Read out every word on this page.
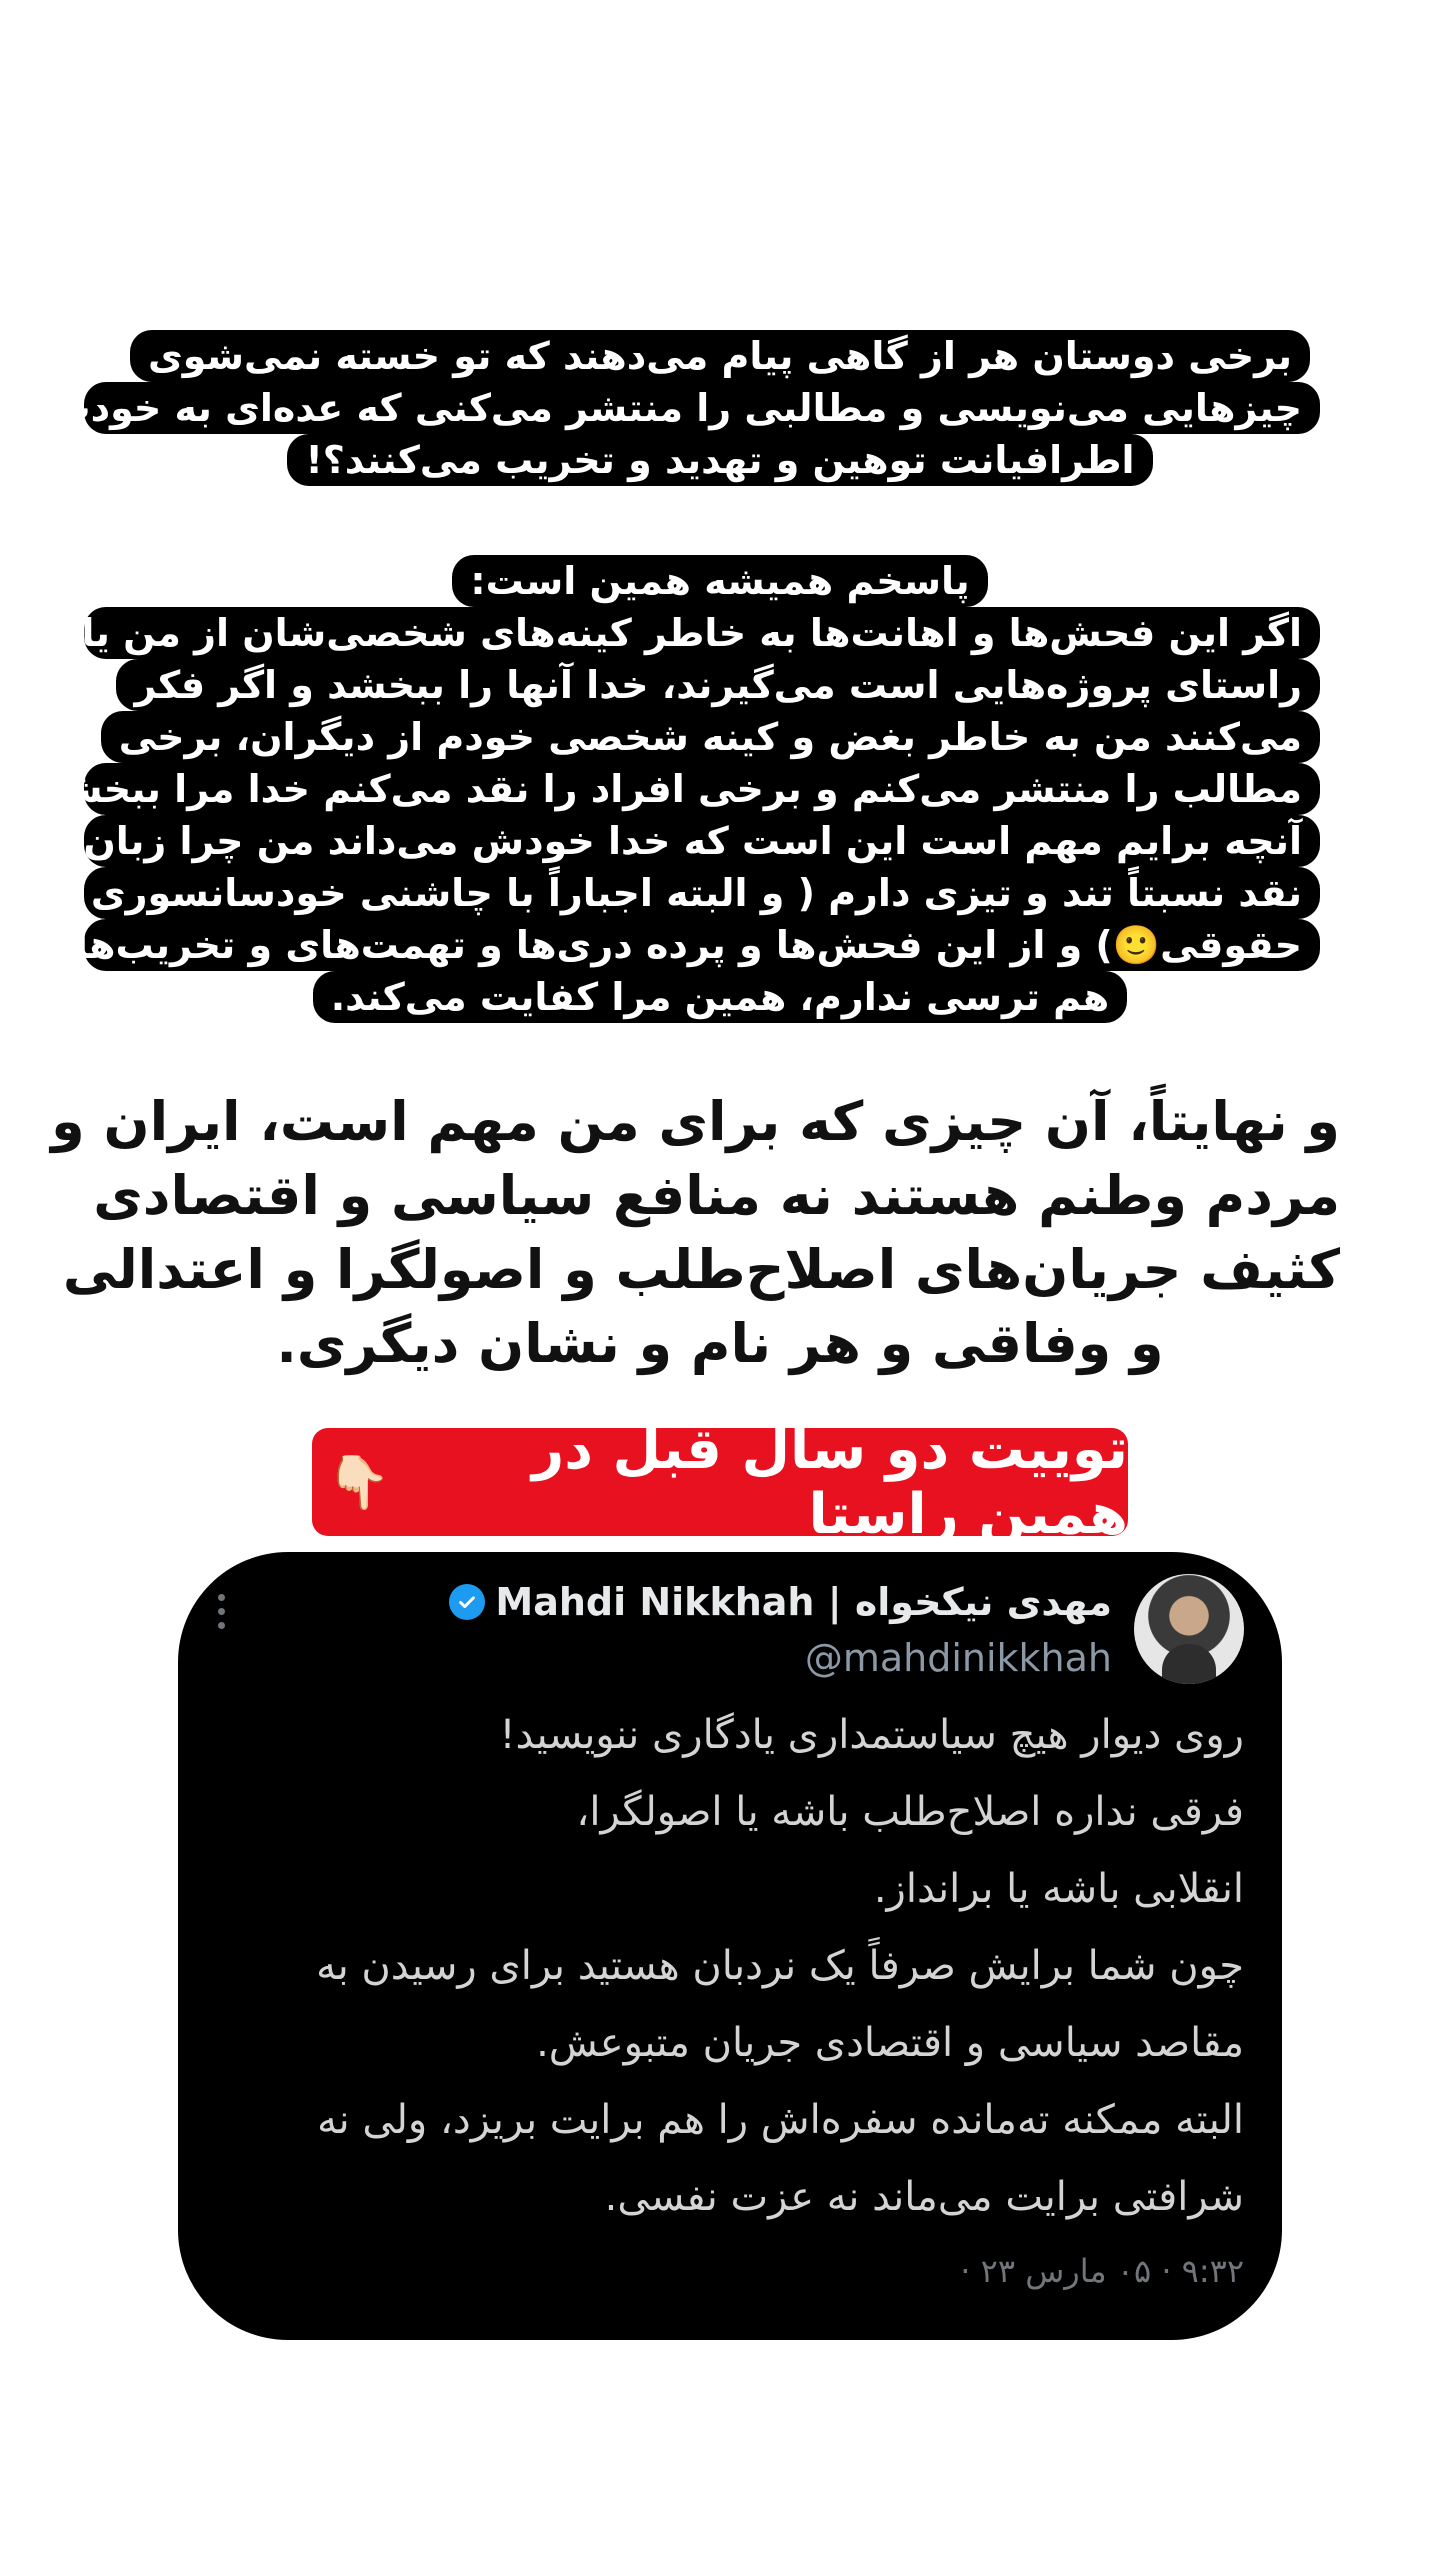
برخی دوستان هر از گاهی پیام می‌دهند که تو خسته نمی‌شوی
چیزهایی می‌نویسی و مطالبی را منتشر می‌کنی که عده‌ای به خودت و
اطرافیانت توهین و تهدید و تخریب می‌کنند؟!
پاسخم همیشه همین است:
اگر این فحش‌ها و اهانت‌ها به خاطر کینه‌های شخصی‌شان از من یا در
راستای پروژه‌هایی است می‌گیرند، خدا آنها را ببخشد و اگر فکر
می‌کنند من به خاطر بغض و کینه شخصی خودم از دیگران، برخی
مطالب را منتشر می‌کنم و برخی افراد را نقد می‌کنم خدا مرا ببخشد.
آنچه برایم مهم است این است که خدا خودش می‌داند من چرا زبان
نقد نسبتاً تند و تیزی دارم ( و البته اجباراً با چاشنی خودسانسوری
حقوقی🙂) و از این فحش‌ها و پرده دری‌ها و تهمت‌های و تخریب‌ها
هم ترسی ندارم، همین مرا کفایت می‌کند.
و نهایتاً، آن چیزی که برای من مهم است، ایران و
مردم وطنم هستند نه منافع سیاسی و اقتصادی
کثیف جریان‌های اصلاح‌طلب و اصولگرا و اعتدالی
و وفاقی و هر نام و نشان دیگری.
توییت دو سال قبل در همین راستا
👇🏻
مهدی نیکخواه | Mahdi Nikkhah
@mahdinikkhah
روی دیوار هیچ سیاستمداری یادگاری ننویسید!
فرقی نداره اصلاح‌طلب باشه یا اصولگرا،
انقلابی باشه یا برانداز.
چون شما برایش صرفاً یک نردبان هستید برای رسیدن به
مقاصد سیاسی و اقتصادی جریان متبوعش.
البته ممکنه ته‌مانده سفره‌اش را هم برایت بریزد، ولی نه
شرافتی برایت می‌ماند نه عزت نفسی.
۹:۳۲ · ۰۵ مارس ۲۳ ·
